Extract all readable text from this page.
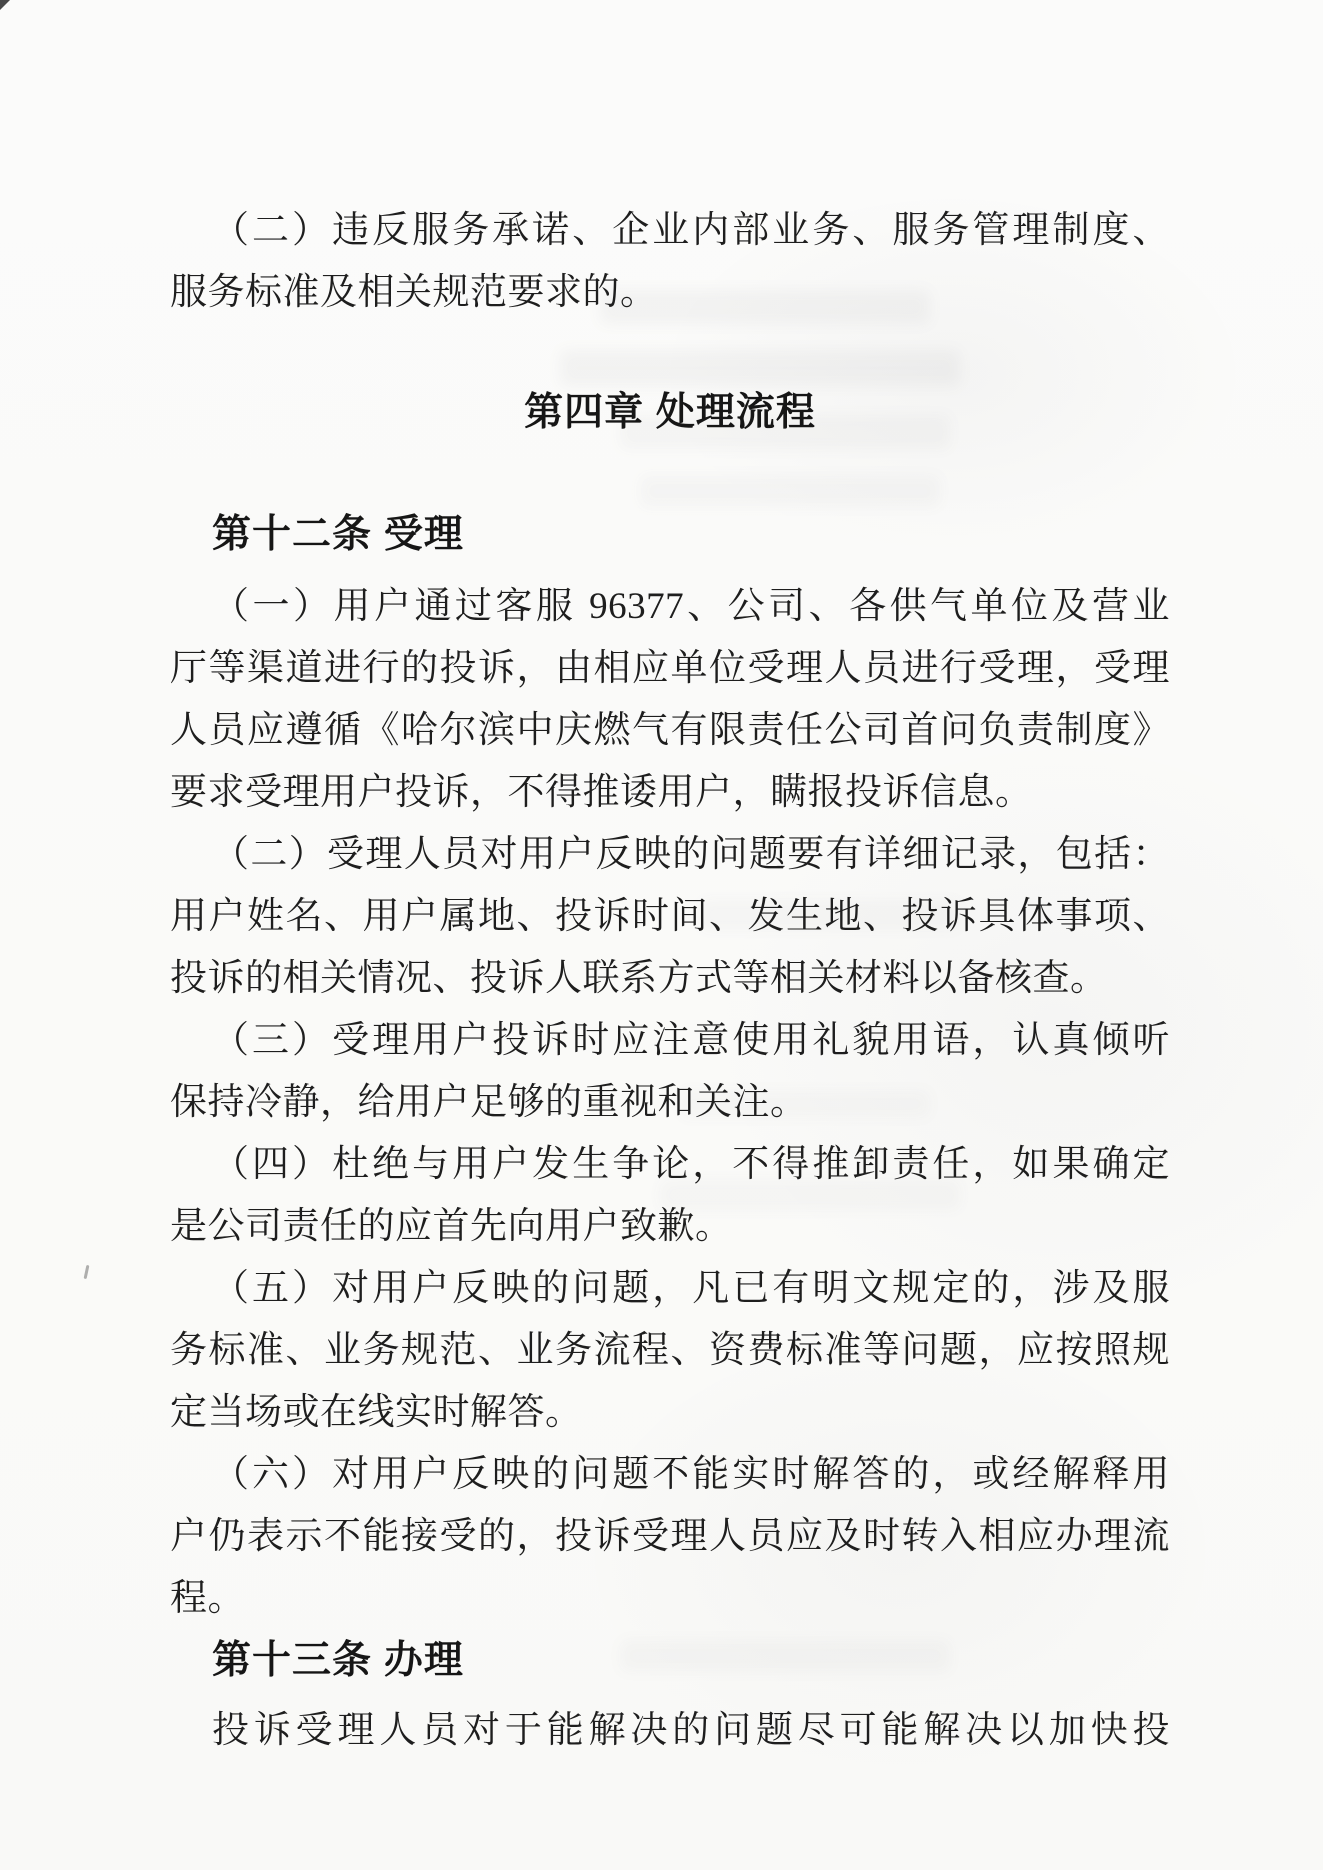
（二）违反服务承诺、企业内部业务、服务管理制度、

服务标准及相关规范要求的。

第四章 处理流程
第十二条 受理

（一）用户通过客服 96377、公司、各供气单位及营业

厅等渠道进行的投诉，由相应单位受理人员进行受理，受理

人员应遵循《哈尔滨中庆燃气有限责任公司首问负责制度》

要求受理用户投诉，不得推诿用户，瞒报投诉信息。

（二）受理人员对用户反映的问题要有详细记录，包括：

用户姓名、用户属地、投诉时间、发生地、投诉具体事项、

投诉的相关情况、投诉人联系方式等相关材料以备核查。

（三）受理用户投诉时应注意使用礼貌用语，认真倾听

保持冷静，给用户足够的重视和关注。

（四）杜绝与用户发生争论，不得推卸责任，如果确定

是公司责任的应首先向用户致歉。

（五）对用户反映的问题，凡已有明文规定的，涉及服

务标准、业务规范、业务流程、资费标准等问题，应按照规

定当场或在线实时解答。

（六）对用户反映的问题不能实时解答的，或经解释用

户仍表示不能接受的，投诉受理人员应及时转入相应办理流

程。

第十三条 办理

投诉受理人员对于能解决的问题尽可能解决以加快投
